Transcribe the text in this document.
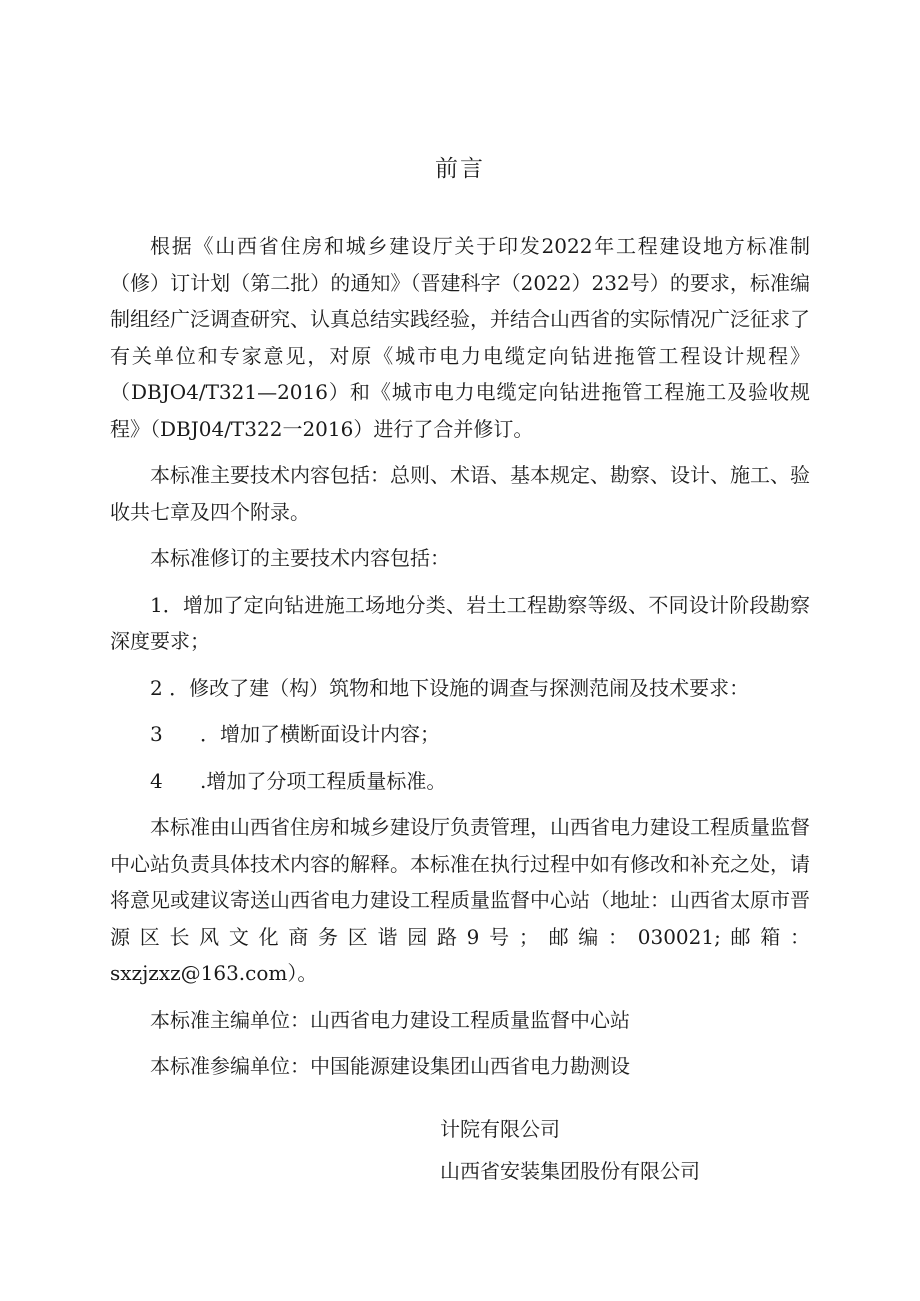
前言

根据《山西省住房和城乡建设厅关于印发2022年工程建设地方标准制（修）订计划（第二批）的通知》（晋建科字（2022）232号）的要求，标准编制组经广泛调查研究、认真总结实践经验，并结合山西省的实际情况广泛征求了有关单位和专家意见，对原《城市电力电缆定向钻进拖管工程设计规程》（DBJO4/T321—2016）和《城市电力电缆定向钻进拖管工程施工及验收规程》（DBJ04/T322一2016）进行了合并修订。

本标准主要技术内容包括：总则、术语、基本规定、勘察、设计、施工、验收共七章及四个附录。

本标准修订的主要技术内容包括：

1．增加了定向钻进施工场地分类、岩土工程勘察等级、不同设计阶段勘察深度要求；

2 ．修改了建（构）筑物和地下设施的调查与探测范闹及技术要求：

3 ．增加了横断面设计内容；

4 .增加了分项工程质量标准。

本标准由山西省住房和城乡建设厅负责管理，山西省电力建设工程质量监督中心站负责具体技术内容的解释。本标准在执行过程中如有修改和补充之处，请将意见或建议寄送山西省电力建设工程质量监督中心站（地址：山西省太原市晋源区长风文化商务区谐园路9号；邮编：030021;邮箱：sxzjzxz@163.com）。

本标准主编单位：山西省电力建设工程质量监督中心站

本标准参编单位：中国能源建设集团山西省电力勘测设

计院有限公司

山西省安装集团股份有限公司
